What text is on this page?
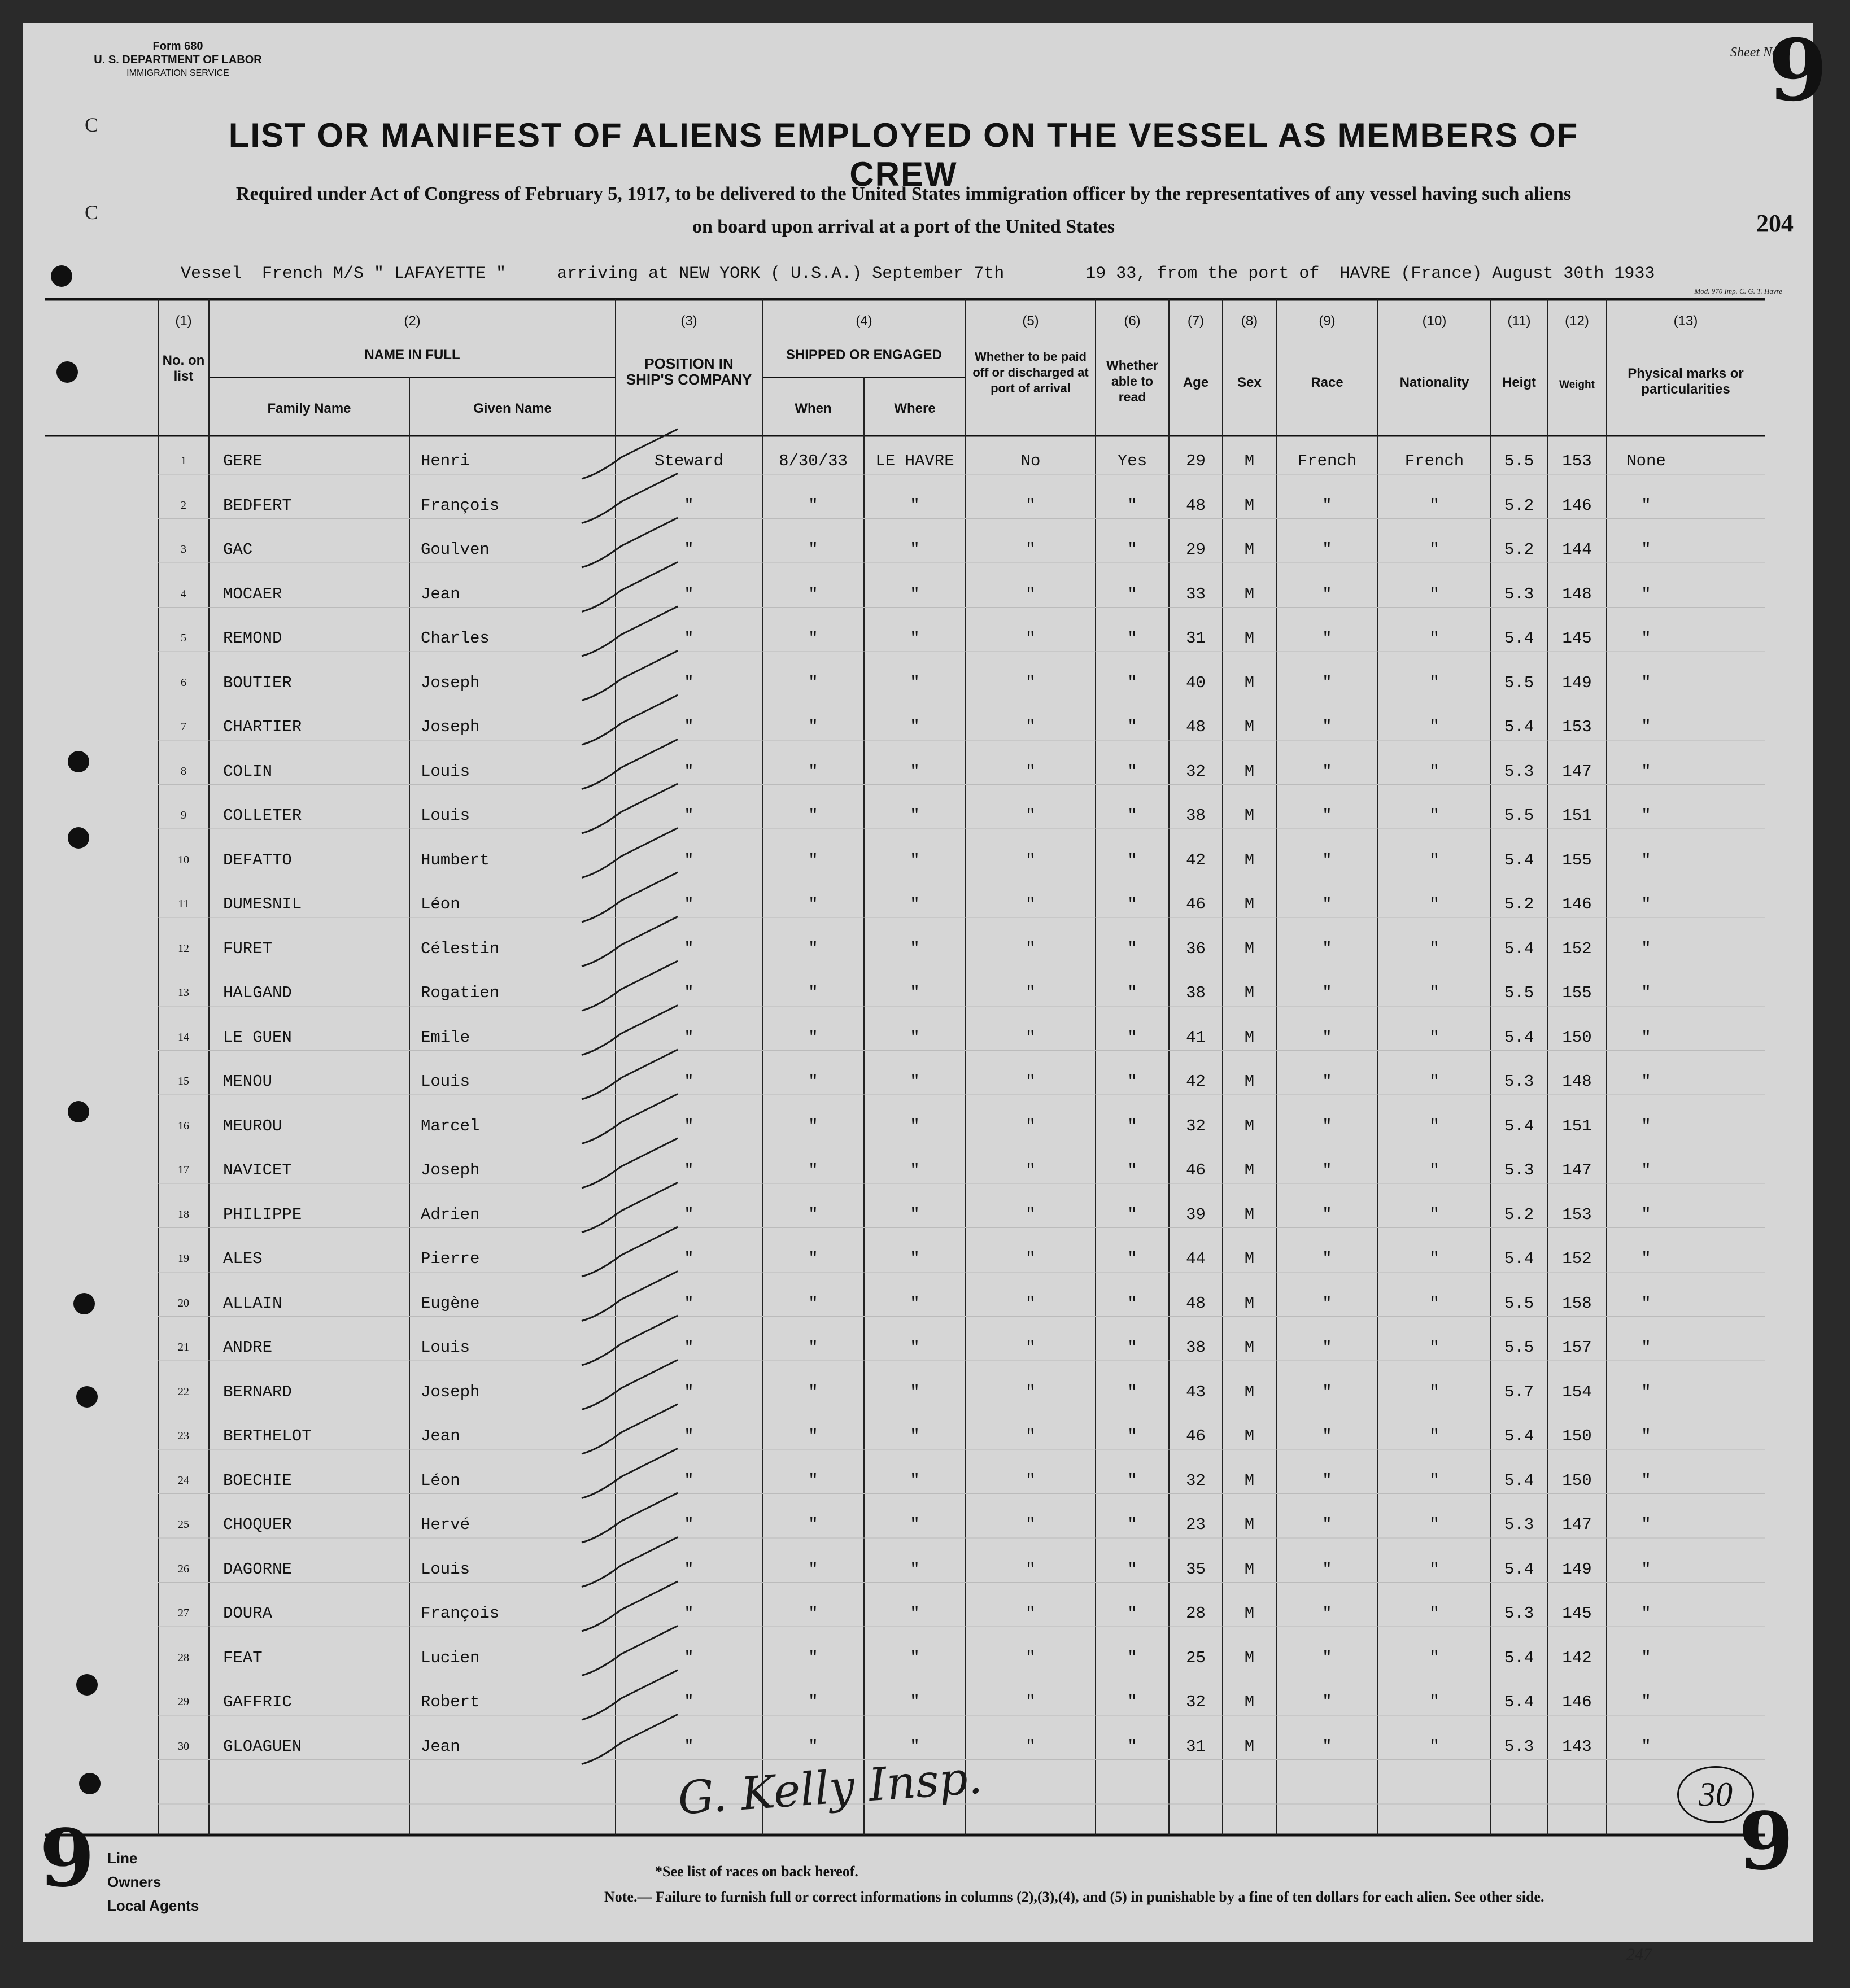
Form 680
U. S. DEPARTMENT OF LABOR
IMMIGRATION SERVICE
Sheet No.
9
C
C
LIST OR MANIFEST OF ALIENS EMPLOYED ON THE VESSEL AS MEMBERS OF CREW
Required under Act of Congress of February 5, 1917, to be delivered to the United States immigration officer by the representatives of any vessel having such aliens
on board upon arrival at a port of the United States	204
Vessel  French M/S " LAFAYETTE "     arriving at NEW YORK ( U.S.A.) September 7th        19 33, from the port of  HAVRE (France) August 30th 1933
Mod. 970 Imp. C. G. T. Havre
(1)
No. on list
(2)
NAME IN FULL
Family Name	Given Name
(3)
POSITION IN SHIP'S COMPANY
(4)
SHIPPED OR ENGAGED
When	Where
(5)
Whether to be paid off or discharged at port of arrival
(6)
Whether able to read
(7)
Age
(8)
Sex
(9)
Race
(10)
Nationality
(11)
Heigt
(12)
Weight
(13)
Physical marks or particularities
1	GERE	Henri	Steward	8/30/33	LE HAVRE	No	Yes	29	M	French	French	5.5	153	None
2	BEDFERT	François	"	"	"	"	"	48	M	"	"	5.2	146	"
3	GAC	Goulven	"	"	"	"	"	29	M	"	"	5.2	144	"
4	MOCAER	Jean	"	"	"	"	"	33	M	"	"	5.3	148	"
5	REMOND	Charles	"	"	"	"	"	31	M	"	"	5.4	145	"
6	BOUTIER	Joseph	"	"	"	"	"	40	M	"	"	5.5	149	"
7	CHARTIER	Joseph	"	"	"	"	"	48	M	"	"	5.4	153	"
8	COLIN	Louis	"	"	"	"	"	32	M	"	"	5.3	147	"
9	COLLETER	Louis	"	"	"	"	"	38	M	"	"	5.5	151	"
10	DEFATTO	Humbert	"	"	"	"	"	42	M	"	"	5.4	155	"
11	DUMESNIL	Léon	"	"	"	"	"	46	M	"	"	5.2	146	"
12	FURET	Célestin	"	"	"	"	"	36	M	"	"	5.4	152	"
13	HALGAND	Rogatien	"	"	"	"	"	38	M	"	"	5.5	155	"
14	LE GUEN	Emile	"	"	"	"	"	41	M	"	"	5.4	150	"
15	MENOU	Louis	"	"	"	"	"	42	M	"	"	5.3	148	"
16	MEUROU	Marcel	"	"	"	"	"	32	M	"	"	5.4	151	"
17	NAVICET	Joseph	"	"	"	"	"	46	M	"	"	5.3	147	"
18	PHILIPPE	Adrien	"	"	"	"	"	39	M	"	"	5.2	153	"
19	ALES	Pierre	"	"	"	"	"	44	M	"	"	5.4	152	"
20	ALLAIN	Eugène	"	"	"	"	"	48	M	"	"	5.5	158	"
21	ANDRE	Louis	"	"	"	"	"	38	M	"	"	5.5	157	"
22	BERNARD	Joseph	"	"	"	"	"	43	M	"	"	5.7	154	"
23	BERTHELOT	Jean	"	"	"	"	"	46	M	"	"	5.4	150	"
24	BOECHIE	Léon	"	"	"	"	"	32	M	"	"	5.4	150	"
25	CHOQUER	Hervé	"	"	"	"	"	23	M	"	"	5.3	147	"
26	DAGORNE	Louis	"	"	"	"	"	35	M	"	"	5.4	149	"
27	DOURA	François	"	"	"	"	"	28	M	"	"	5.3	145	"
28	FEAT	Lucien	"	"	"	"	"	25	M	"	"	5.4	142	"
29	GAFFRIC	Robert	"	"	"	"	"	32	M	"	"	5.4	146	"
30	GLOAGUEN	Jean	"	"	"	"	"	31	M	"	"	5.3	143	"
G. Kelly Insp.	30
9	9
Line
Owners
Local Agents
*See list of races on back hereof.
Note.— Failure to furnish full or correct informations in columns (2),(3),(4), and (5) in punishable by a fine of ten dollars for each alien. See other side.
247
